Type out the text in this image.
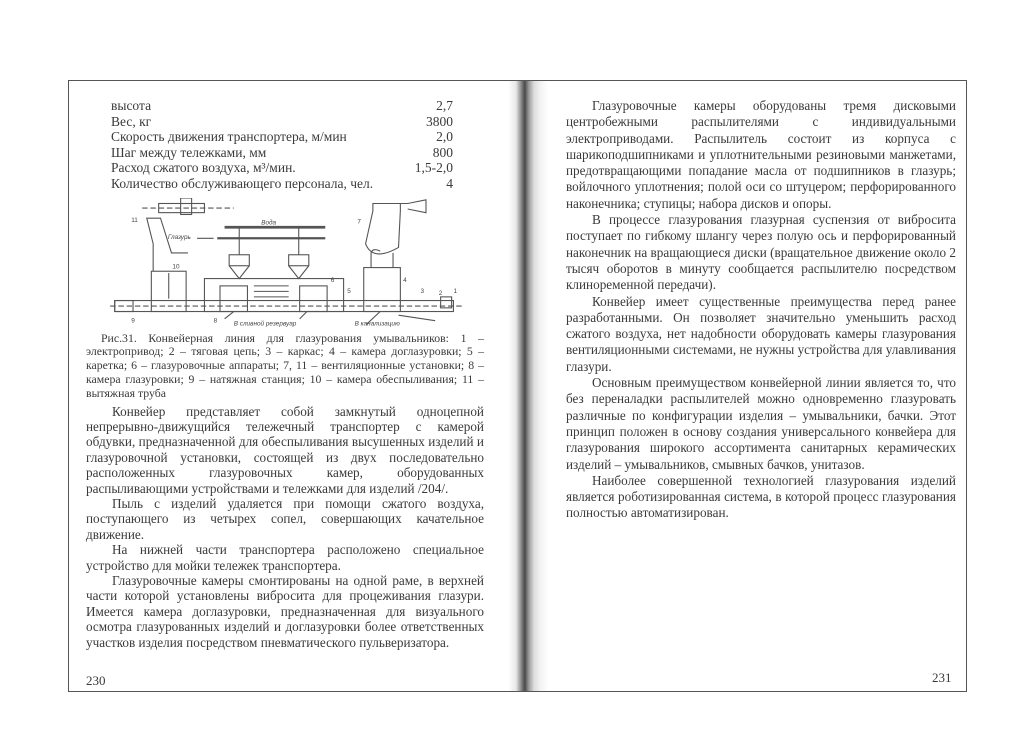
высота	2,7
Вес, кг	3800
Скорость движения транспортера, м/мин	2,0
Шаг между тележками, мм	800
Расход сжатого воздуха, м³/мин.	1,5-2,0
Количество обслуживающего персонала, чел.	4
Вода
Глазурь
В сливной резервуар	В канализацию
1
2
3
4
5
6
7
8
9
10
11

Рис.31. Конвейерная линия для глазурования умывальников: 1 – электропривод; 2 – тяговая цепь; 3 – каркас; 4 – камера доглазуровки; 5 – каретка; 6 – глазуровочные аппараты; 7, 11 – вентиляционные установки; 8 – камера глазуровки; 9 – натяжная станция; 10 – камера обеспыливания; 11 – вытяжная труба

Конвейер представляет собой замкнутый одноцепной непрерывно-движущийся тележечный транспортер с камерой обдувки, предназначенной для обеспыливания высушенных изделий и глазуровочной установки, состоящей из двух последовательно расположенных глазуровочных камер, оборудованных распыливающими устройствами и тележками для изделий /204/.

Пыль с изделий удаляется при помощи сжатого воздуха, поступающего из четырех сопел, совершающих качательное движение.

На нижней части транспортера расположено специальное устройство для мойки тележек транспортера.

Глазуровочные камеры смонтированы на одной раме, в верхней части которой установлены вибросита для процеживания глазури. Имеется камера доглазуровки, предназначенная для визуального осмотра глазурованных изделий и доглазуровки более ответственных участков изделия посредством пневматического пульверизатора.

230

Глазуровочные камеры оборудованы тремя дисковыми центробежными распылителями с индивидуальными электроприводами. Распылитель состоит из корпуса с шарикоподшипниками и уплотнительными резиновыми манжетами, предотвращающими попадание масла от подшипников в глазурь; войлочного уплотнения; полой оси со штуцером; перфорированного наконечника; ступицы; набора дисков и опоры.

В процессе глазурования глазурная суспензия от вибросита поступает по гибкому шлангу через полую ось и перфорированный наконечник на вращающиеся диски (вращательное движение около 2 тысяч оборотов в минуту сообщается распылителю посредством клиноременной передачи).

Конвейер имеет существенные преимущества перед ранее разработанными. Он позволяет значительно уменьшить расход сжатого воздуха, нет надобности оборудовать камеры глазурования вентиляционными системами, не нужны устройства для улавливания глазури.

Основным преимуществом конвейерной линии является то, что без переналадки распылителей можно одновременно глазуровать различные по конфигурации изделия – умывальники, бачки. Этот принцип положен в основу создания универсального конвейера для глазурования широкого ассортимента санитарных керамических изделий – умывальников, смывных бачков, унитазов.

Наиболее совершенной технологией глазурования изделий является роботизированная система, в которой процесс глазурования полностью автоматизирован.

231
